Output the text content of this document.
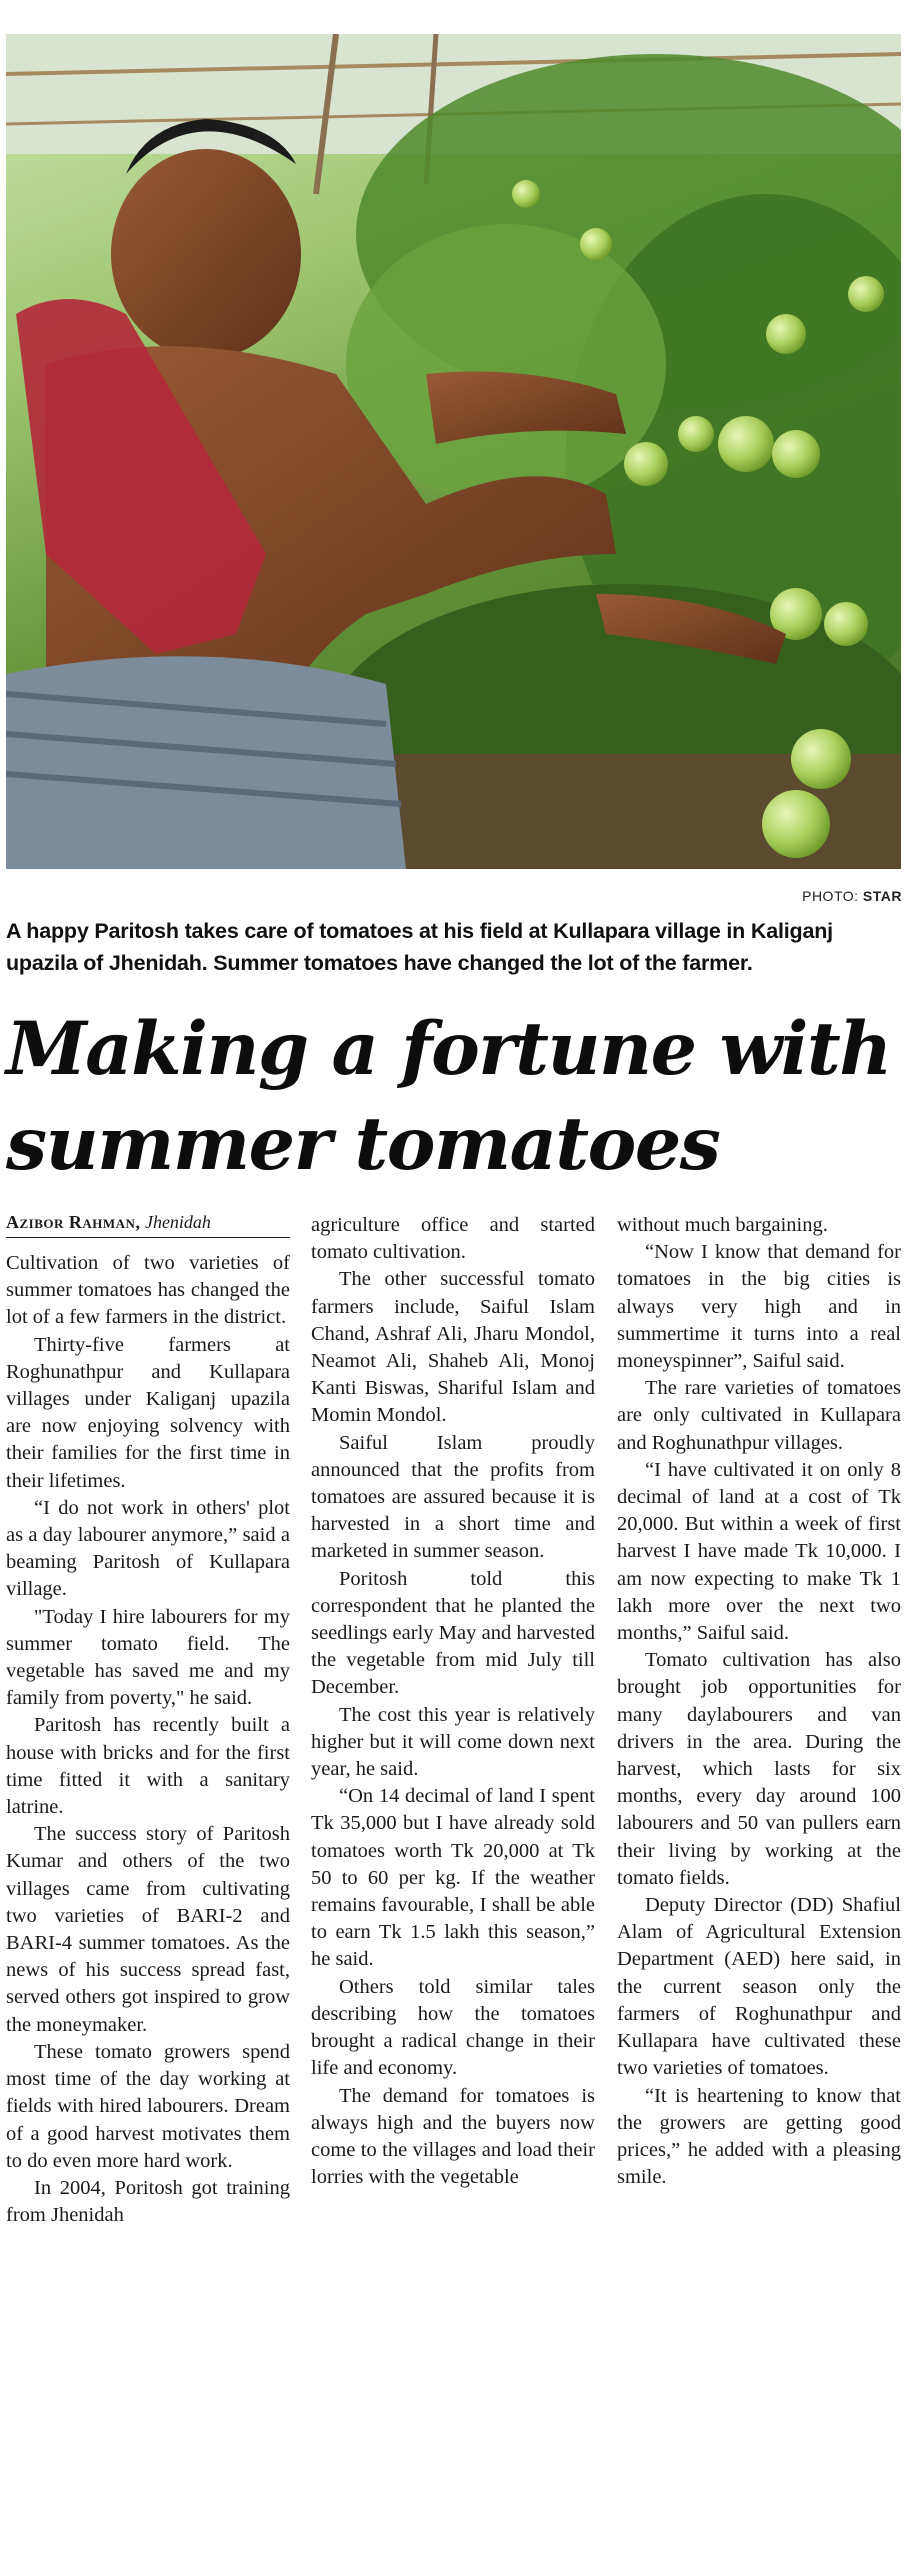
PHOTO: STAR
A happy Paritosh takes care of tomatoes at his field at Kullapara village in Kaliganj upazila of Jhenidah. Summer tomatoes have changed the lot of the farmer.
Making a fortune with
summer tomatoes
Azibor Rahman, Jhenidah

Cultivation of two varieties of summer tomatoes has changed the lot of a few farmers in the district.

Thirty-five farmers at Roghunathpur and Kullapara villages under Kaliganj upazila are now enjoying solvency with their families for the first time in their lifetimes.

“I do not work in others' plot as a day labourer anymore,” said a beaming Paritosh of Kullapara village.

"Today I hire labourers for my summer tomato field. The vegetable has saved me and my family from poverty," he said.

Paritosh has recently built a house with bricks and for the first time fitted it with a sanitary latrine.

The success story of Paritosh Kumar and others of the two villages came from cultivating two varieties of BARI-2 and BARI-4 summer tomatoes. As the news of his success spread fast, served others got inspired to grow the moneymaker.

These tomato growers spend most time of the day working at fields with hired labourers. Dream of a good harvest motivates them to do even more hard work.

In 2004, Poritosh got training from Jhenidah

agriculture office and started tomato cultivation.

The other successful tomato farmers include, Saiful Islam Chand, Ashraf Ali, Jharu Mondol, Neamot Ali, Shaheb Ali, Monoj Kanti Biswas, Shariful Islam and Momin Mondol.

Saiful Islam proudly announced that the profits from tomatoes are assured because it is harvested in a short time and marketed in summer season.

Poritosh told this correspondent that he planted the seedlings early May and harvested the vegetable from mid July till December.

The cost this year is relatively higher but it will come down next year, he said.

“On 14 decimal of land I spent Tk 35,000 but I have already sold tomatoes worth Tk 20,000 at Tk 50 to 60 per kg. If the weather remains favourable, I shall be able to earn Tk 1.5 lakh this season,” he said.

Others told similar tales describing how the tomatoes brought a radical change in their life and economy.

The demand for tomatoes is always high and the buyers now come to the villages and load their lorries with the vegetable

without much bargaining.

“Now I know that demand for tomatoes in the big cities is always very high and in summertime it turns into a real moneyspinner”, Saiful said.

The rare varieties of tomatoes are only cultivated in Kullapara and Roghunathpur villages.

“I have cultivated it on only 8 decimal of land at a cost of Tk 20,000. But within a week of first harvest I have made Tk 10,000. I am now expecting to make Tk 1 lakh more over the next two months,” Saiful said.

Tomato cultivation has also brought job opportunities for many daylabourers and van drivers in the area. During the harvest, which lasts for six months, every day around 100 labourers and 50 van pullers earn their living by working at the tomato fields.

Deputy Director (DD) Shafiul Alam of Agricultural Extension Department (AED) here said, in the current season only the farmers of Roghunathpur and Kullapara have cultivated these two varieties of tomatoes.

“It is heartening to know that the growers are getting good prices,” he added with a pleasing smile.
